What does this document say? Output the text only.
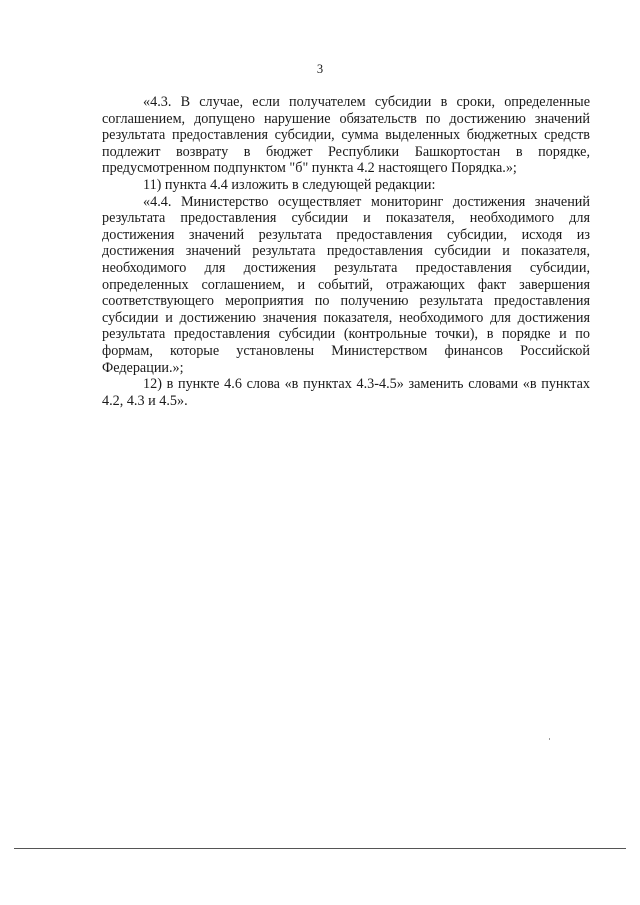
3

«4.3. В случае, если получателем субсидии в сроки, определенные соглашением, допущено нарушение обязательств по достижению значений результата предоставления субсидии, сумма выделенных бюджетных средств подлежит возврату в бюджет Республики Башкортостан в порядке, предусмотренном подпунктом "б" пункта 4.2 настоящего Порядка.»;

11) пункта 4.4 изложить в следующей редакции:

«4.4. Министерство осуществляет мониторинг достижения значений результата предоставления субсидии и показателя, необходимого для достижения значений результата предоставления субсидии, исходя из достижения значений результата предоставления субсидии и показателя, необходимого для достижения результата предоставления субсидии, определенных соглашением, и событий, отражающих факт завершения соответствующего мероприятия по получению результата предоставления субсидии и достижению значения показателя, необходимого для достижения результата предоставления субсидии (контрольные точки), в порядке и по формам, которые установлены Министерством финансов Российской Федерации.»;

12) в пункте 4.6 слова «в пунктах 4.3-4.5» заменить словами «в пунктах 4.2, 4.3 и 4.5».
